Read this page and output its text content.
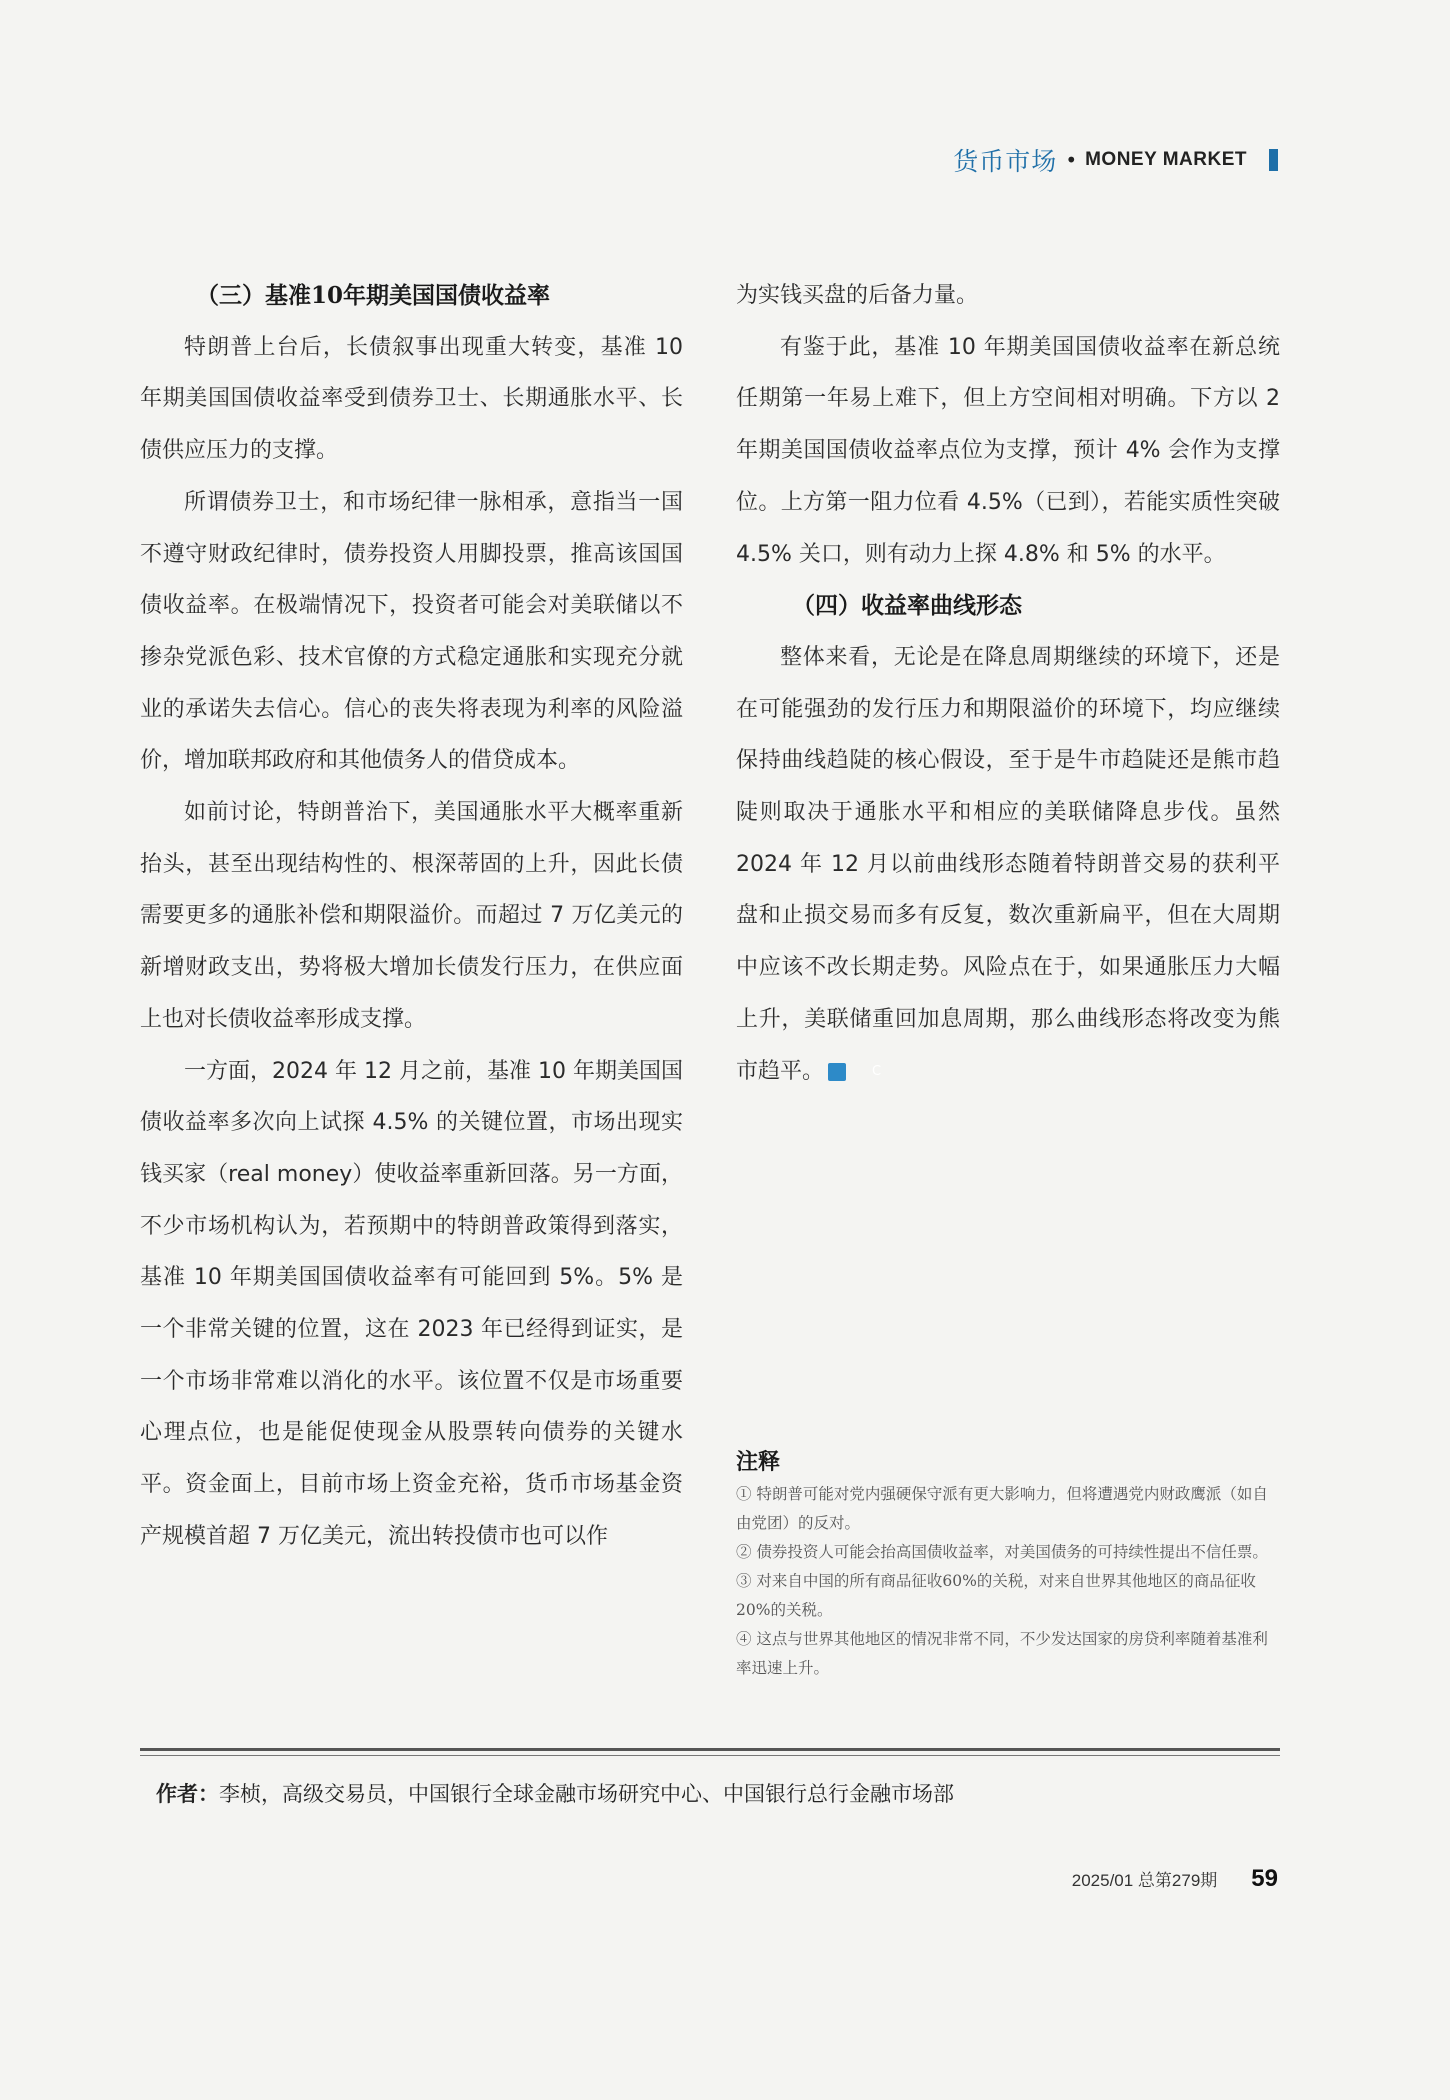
货币市场 • MONEY MARKET
（三）基准10年期美国国债收益率

特朗普上台后，长债叙事出现重大转变，基准 10 年期美国国债收益率受到债券卫士、长期通胀水平、长债供应压力的支撑。

所谓债券卫士，和市场纪律一脉相承，意指当一国不遵守财政纪律时，债券投资人用脚投票，推高该国国债收益率。在极端情况下，投资者可能会对美联储以不掺杂党派色彩、技术官僚的方式稳定通胀和实现充分就业的承诺失去信心。信心的丧失将表现为利率的风险溢价，增加联邦政府和其他债务人的借贷成本。

如前讨论，特朗普治下，美国通胀水平大概率重新抬头，甚至出现结构性的、根深蒂固的上升，因此长债需要更多的通胀补偿和期限溢价。而超过 7 万亿美元的新增财政支出，势将极大增加长债发行压力，在供应面上也对长债收益率形成支撑。

一方面，2024 年 12 月之前，基准 10 年期美国国债收益率多次向上试探 4.5% 的关键位置，市场出现实钱买家（real money）使收益率重新回落。另一方面，不少市场机构认为，若预期中的特朗普政策得到落实，基准 10 年期美国国债收益率有可能回到 5%。5% 是一个非常关键的位置，这在 2023 年已经得到证实，是一个市场非常难以消化的水平。该位置不仅是市场重要心理点位，也是能促使现金从股票转向债券的关键水平。资金面上，目前市场上资金充裕，货币市场基金资产规模首超 7 万亿美元，流出转投债市也可以作

为实钱买盘的后备力量。

有鉴于此，基准 10 年期美国国债收益率在新总统任期第一年易上难下，但上方空间相对明确。下方以 2 年期美国国债收益率点位为支撑，预计 4% 会作为支撑位。上方第一阻力位看 4.5%（已到），若能实质性突破 4.5% 关口，则有动力上探 4.8% 和 5% 的水平。

（四）收益率曲线形态

整体来看，无论是在降息周期继续的环境下，还是在可能强劲的发行压力和期限溢价的环境下，均应继续保持曲线趋陡的核心假设，至于是牛市趋陡还是熊市趋陡则取决于通胀水平和相应的美联储降息步伐。虽然 2024 年 12 月以前曲线形态随着特朗普交易的获利平盘和止损交易而多有反复，数次重新扁平，但在大周期中应该不改长期走势。风险点在于，如果通胀压力大幅上升，美联储重回加息周期，那么曲线形态将改变为熊市趋平。	C

注释

① 特朗普可能对党内强硬保守派有更大影响力，但将遭遇党内财政鹰派（如自由党团）的反对。

② 债券投资人可能会抬高国债收益率，对美国债务的可持续性提出不信任票。

③ 对来自中国的所有商品征收60%的关税，对来自世界其他地区的商品征收20%的关税。

④ 这点与世界其他地区的情况非常不同，不少发达国家的房贷利率随着基准利率迅速上升。

作者：李桢，高级交易员，中国银行全球金融市场研究中心、中国银行总行金融市场部
2025/01 总第279期 59
